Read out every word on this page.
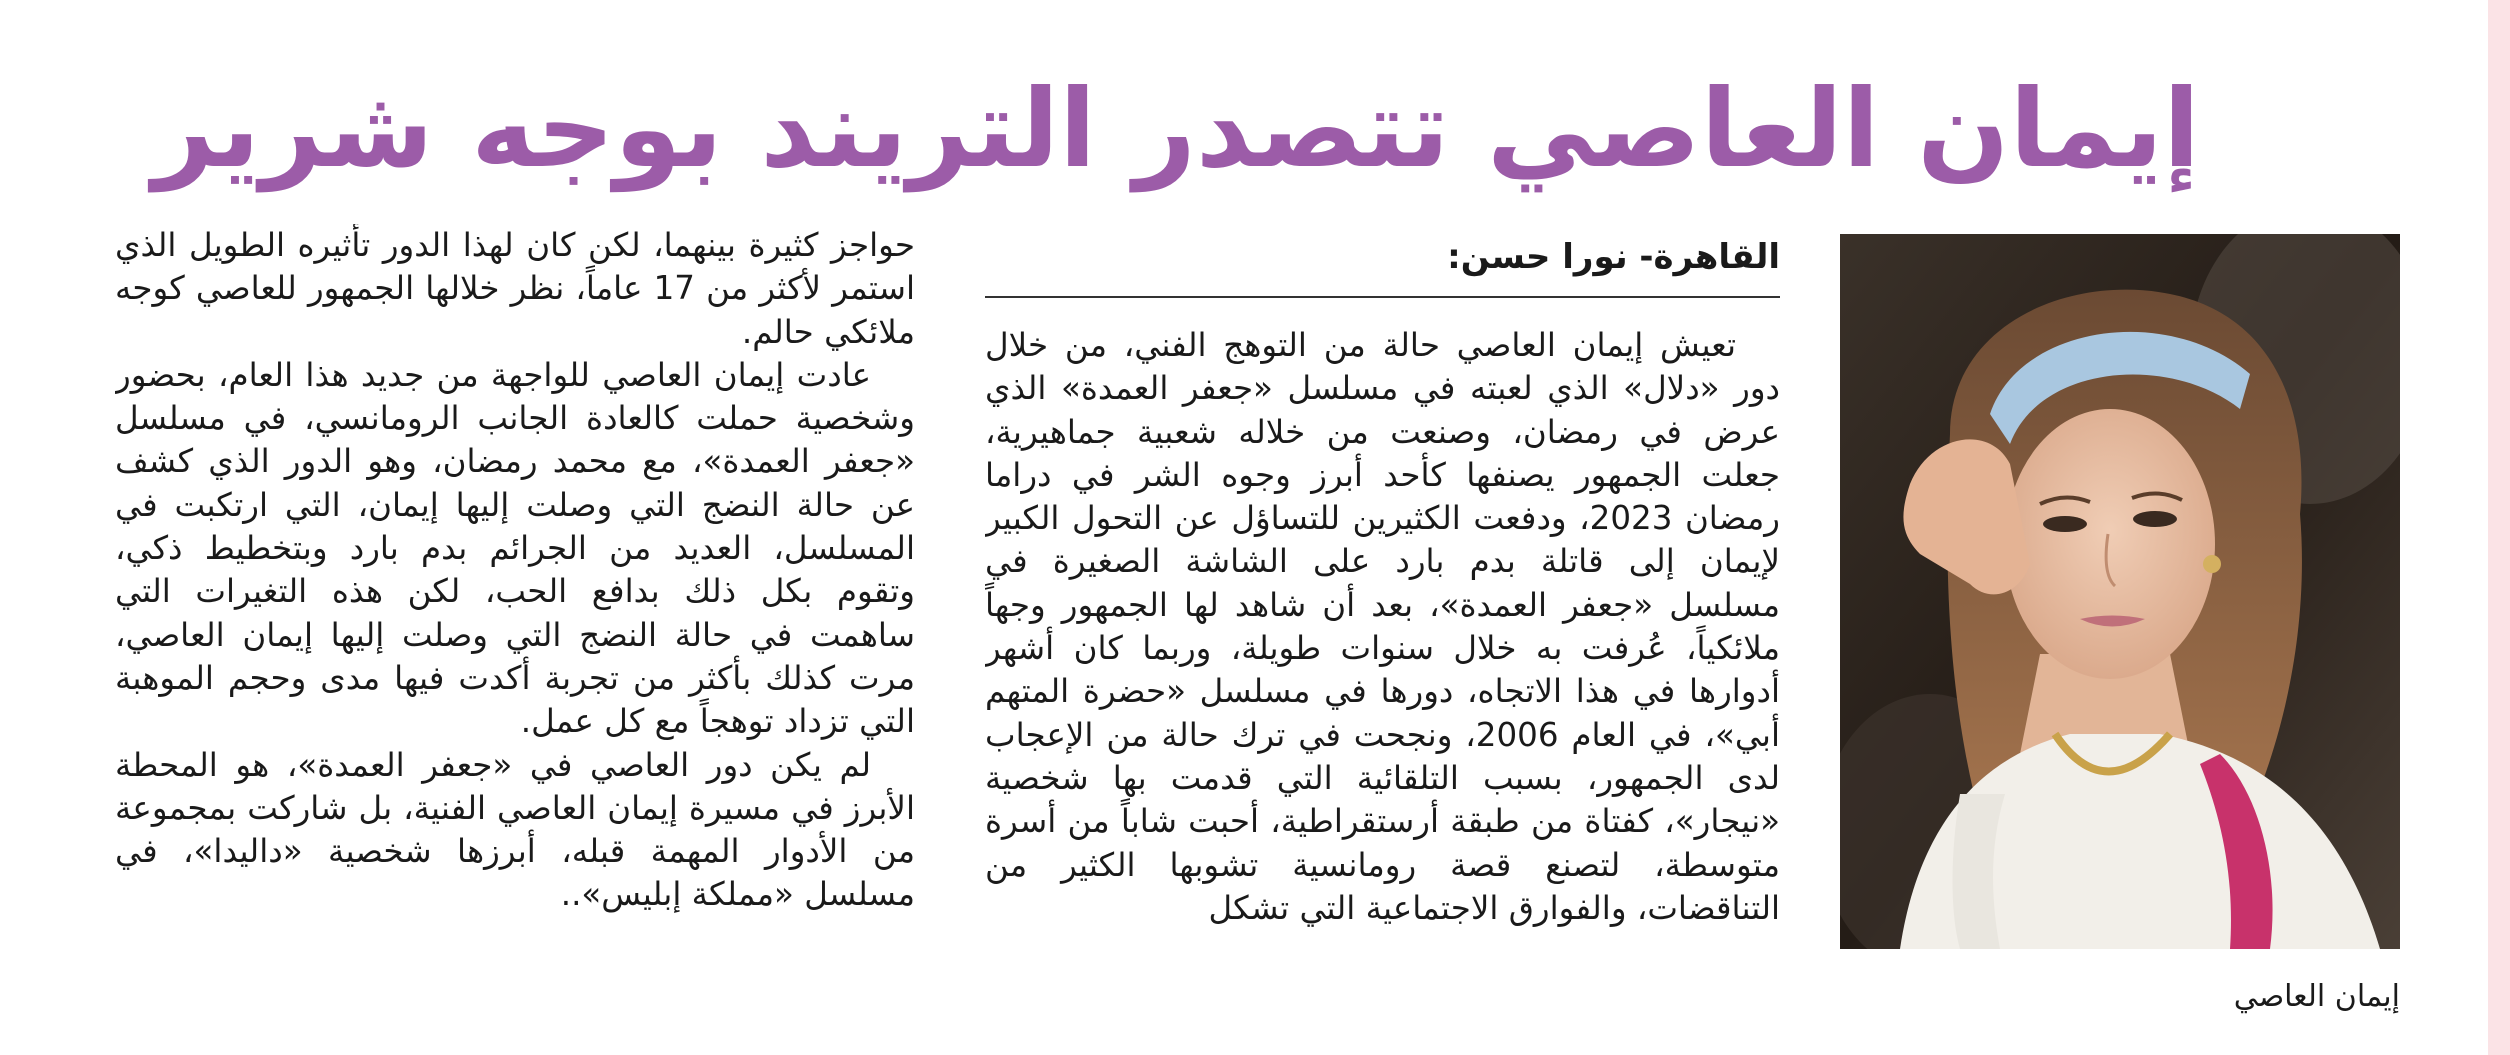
إيمان العاصي تتصدر التريند بوجه شرير

إيمان العاصي

القاهرة- نورا حسن:

تعيش إيمان العاصي حالة من التوهج الفني، من خلال دور «دلال» الذي لعبته في مسلسل «جعفر العمدة» الذي عرض في رمضان، وصنعت من خلاله شعبية جماهيرية، جعلت الجمهور يصنفها كأحد أبرز وجوه الشر في دراما رمضان 2023، ودفعت الكثيرين للتساؤل عن التحول الكبير لإيمان إلى قاتلة بدم بارد على الشاشة الصغيرة في مسلسل «جعفر العمدة»، بعد أن شاهد لها الجمهور وجهاً ملائكياً، عُرفت به خلال سنوات طويلة، وربما كان أشهر أدوارها في هذا الاتجاه، دورها في مسلسل «حضرة المتهم أبي»، في العام 2006، ونجحت في ترك حالة من الإعجاب لدى الجمهور، بسبب التلقائية التي قدمت بها شخصية «نيجار»، كفتاة من طبقة أرستقراطية، أحبت شاباً من أسرة متوسطة، لتصنع قصة رومانسية تشوبها الكثير من التناقضات، والفوارق الاجتماعية التي تشكل

حواجز كثيرة بينهما، لكن كان لهذا الدور تأثيره الطويل الذي استمر لأكثر من 17 عاماً، نظر خلالها الجمهور للعاصي كوجه ملائكي حالم.

عادت إيمان العاصي للواجهة من جديد هذا العام، بحضور وشخصية حملت كالعادة الجانب الرومانسي، في مسلسل «جعفر العمدة»، مع محمد رمضان، وهو الدور الذي كشف عن حالة النضج التي وصلت إليها إيمان، التي ارتكبت في المسلسل، العديد من الجرائم بدم بارد وبتخطيط ذكي، وتقوم بكل ذلك بدافع الحب، لكن هذه التغيرات التي ساهمت في حالة النضج التي وصلت إليها إيمان العاصي، مرت كذلك بأكثر من تجربة أكدت فيها مدى وحجم الموهبة التي تزداد توهجاً مع كل عمل.

لم يكن دور العاصي في «جعفر العمدة»، هو المحطة الأبرز في مسيرة إيمان العاصي الفنية، بل شاركت بمجموعة من الأدوار المهمة قبله، أبرزها شخصية «داليدا»، في مسلسل «مملكة إبليس»..
